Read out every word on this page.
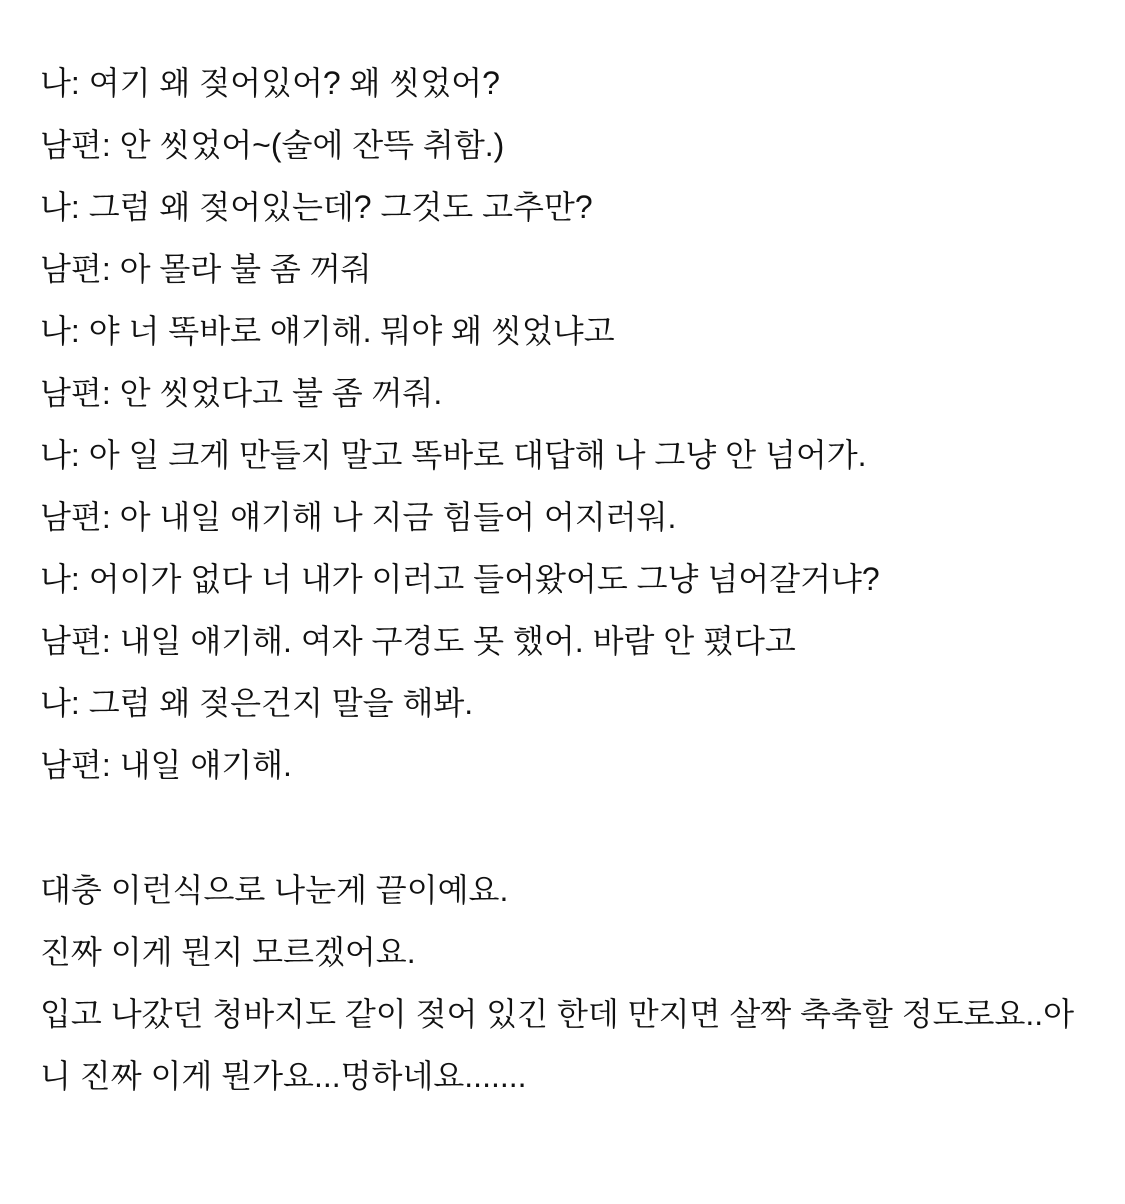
나: 여기 왜 젖어있어? 왜 씻었어?
남편: 안 씻었어~(술에 잔뜩 취함.)
나: 그럼 왜 젖어있는데? 그것도 고추만?
남편: 아 몰라 불 좀 꺼줘
나: 야 너 똑바로 얘기해. 뭐야 왜 씻었냐고
남편: 안 씻었다고 불 좀 꺼줘.
나: 아 일 크게 만들지 말고 똑바로 대답해 나 그냥 안 넘어가.
남편: 아 내일 얘기해 나 지금 힘들어 어지러워.
나: 어이가 없다 너 내가 이러고 들어왔어도 그냥 넘어갈거냐?
남편: 내일 얘기해. 여자 구경도 못 했어. 바람 안 폈다고
나: 그럼 왜 젖은건지 말을 해봐.
남편: 내일 얘기해.
대충 이런식으로 나눈게 끝이예요.
진짜 이게 뭔지 모르겠어요.
입고 나갔던 청바지도 같이 젖어 있긴 한데 만지면 살짝 축축할 정도로요..아
니 진짜 이게 뭔가요...멍하네요.......
